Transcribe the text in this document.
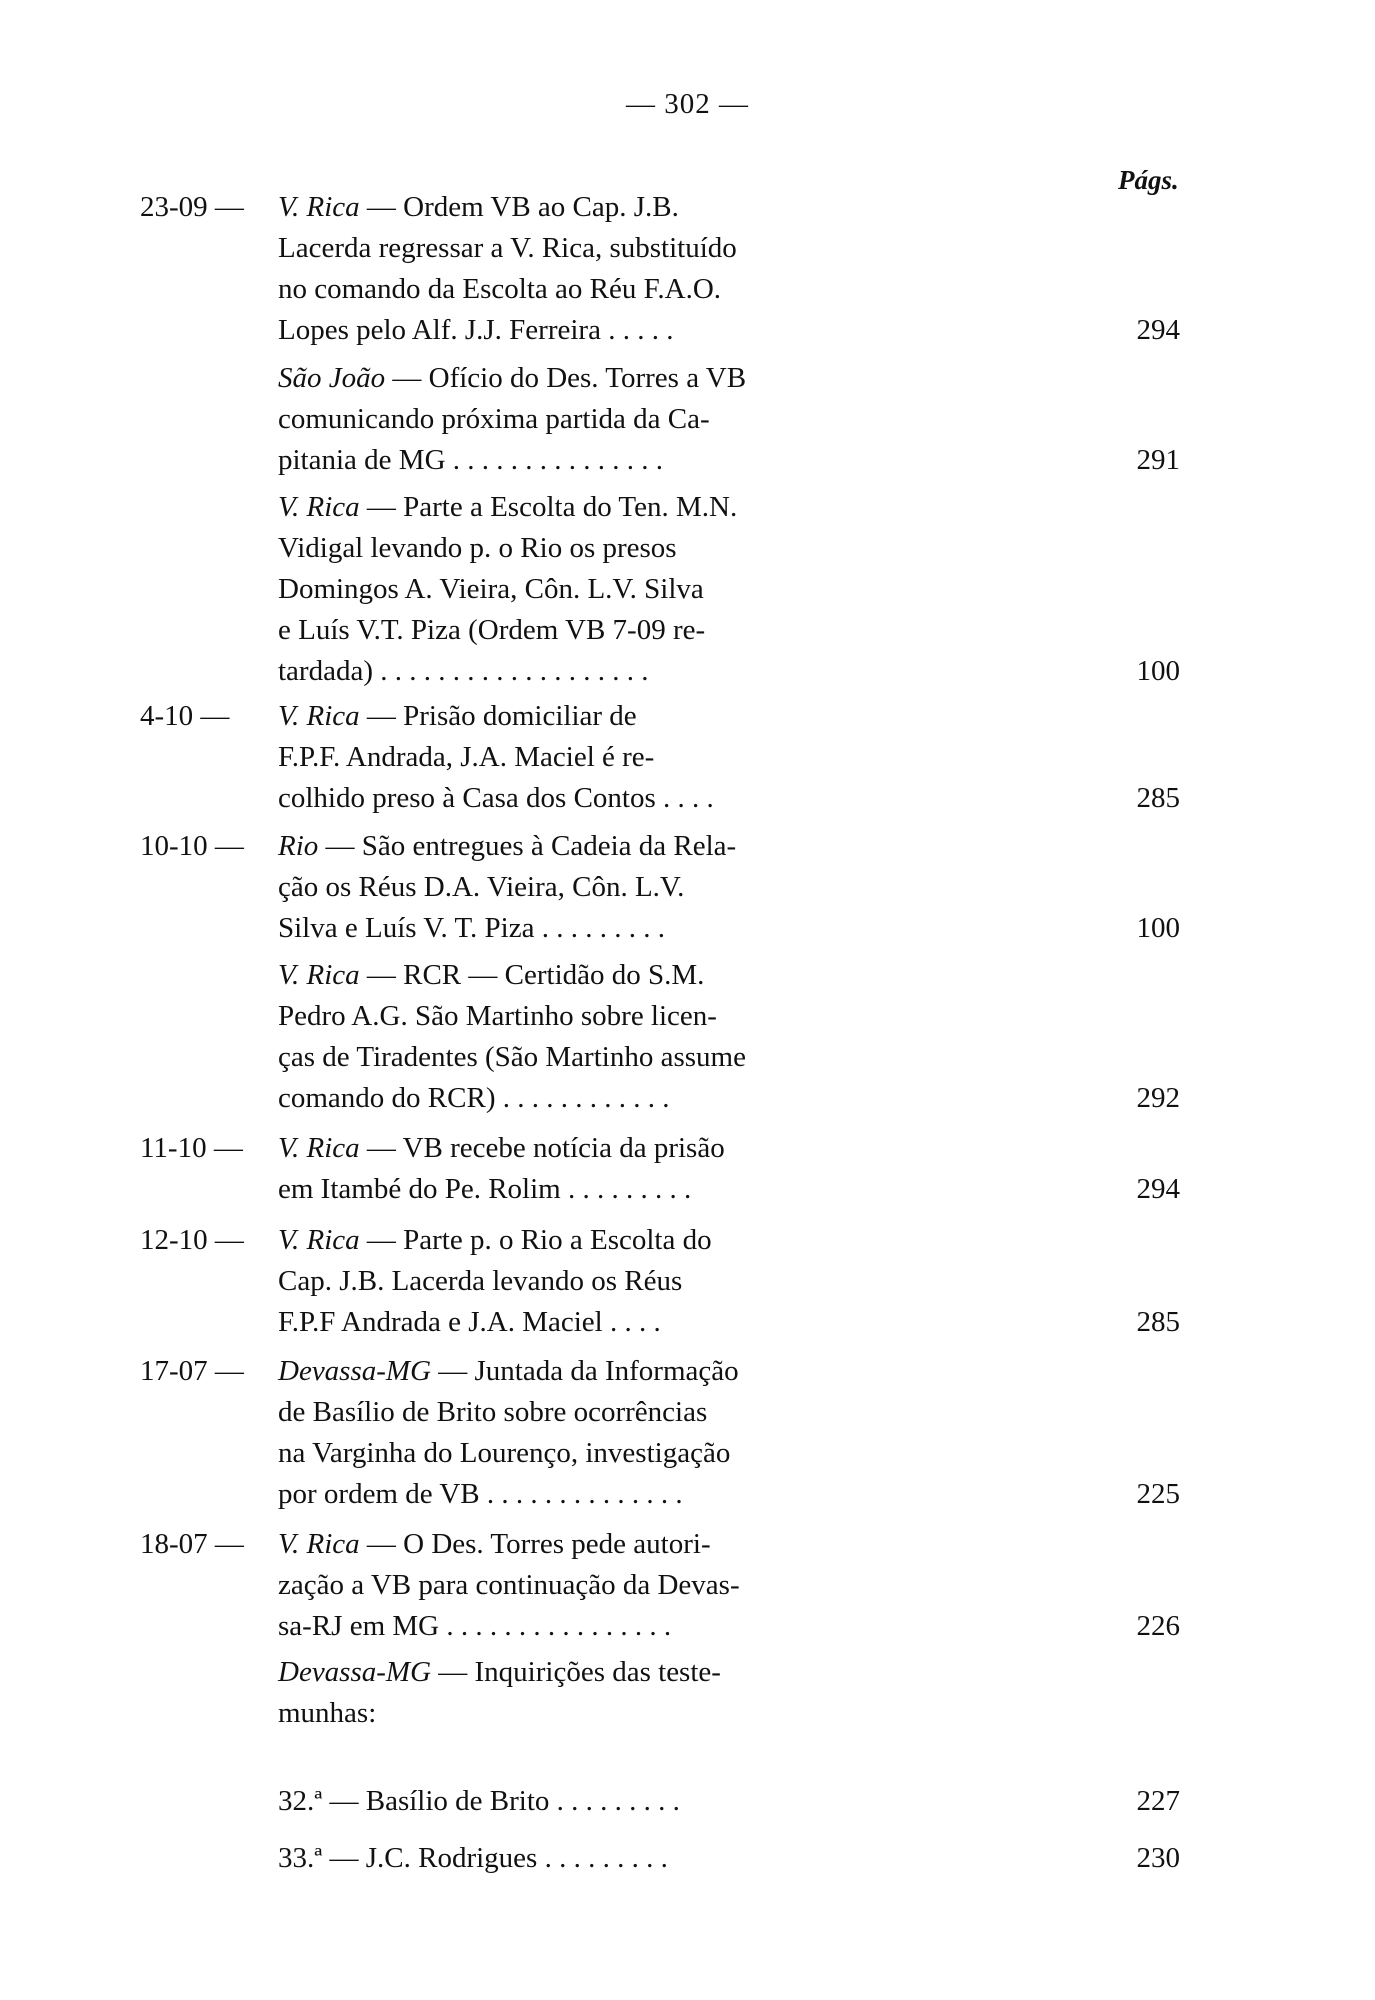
— 302 —
Págs.
23-09 —	V. Rica — Ordem VB ao Cap. J.B.
Lacerda regressar a V. Rica, substituído
no comando da Escolta ao Réu F.A.O.
Lopes pelo Alf. J.J. Ferreira . . . . .	294
São João — Ofício do Des. Torres a VB
comunicando próxima partida da Ca-
pitania de MG . . . . . . . . . . . . . . .	291
V. Rica — Parte a Escolta do Ten. M.N.
Vidigal levando p. o Rio os presos
Domingos A. Vieira, Côn. L.V. Silva
e Luís V.T. Piza (Ordem VB 7-09 re-
tardada) . . . . . . . . . . . . . . . . . . .	100
4-10 —	V. Rica — Prisão domiciliar de
F.P.F. Andrada, J.A. Maciel é re-
colhido preso à Casa dos Contos . . . .	285
10-10 —	Rio — São entregues à Cadeia da Rela-
ção os Réus D.A. Vieira, Côn. L.V.
Silva e Luís V. T. Piza . . . . . . . . .	100
V. Rica — RCR — Certidão do S.M.
Pedro A.G. São Martinho sobre licen-
ças de Tiradentes (São Martinho assume
comando do RCR) . . . . . . . . . . . .	292
11-10 —	V. Rica — VB recebe notícia da prisão
em Itambé do Pe. Rolim . . . . . . . . .	294
12-10 —	V. Rica — Parte p. o Rio a Escolta do
Cap. J.B. Lacerda levando os Réus
F.P.F Andrada e J.A. Maciel . . . .	285
17-07 —	Devassa-MG — Juntada da Informação
de Basílio de Brito sobre ocorrências
na Varginha do Lourenço, investigação
por ordem de VB . . . . . . . . . . . . . .	225
18-07 —	V. Rica — O Des. Torres pede autori-
zação a VB para continuação da Devas-
sa-RJ em MG . . . . . . . . . . . . . . . .	226
Devassa-MG — Inquirições das teste-
munhas:
32.ª — Basílio de Brito . . . . . . . . .	227
33.ª — J.C. Rodrigues . . . . . . . . .	230
